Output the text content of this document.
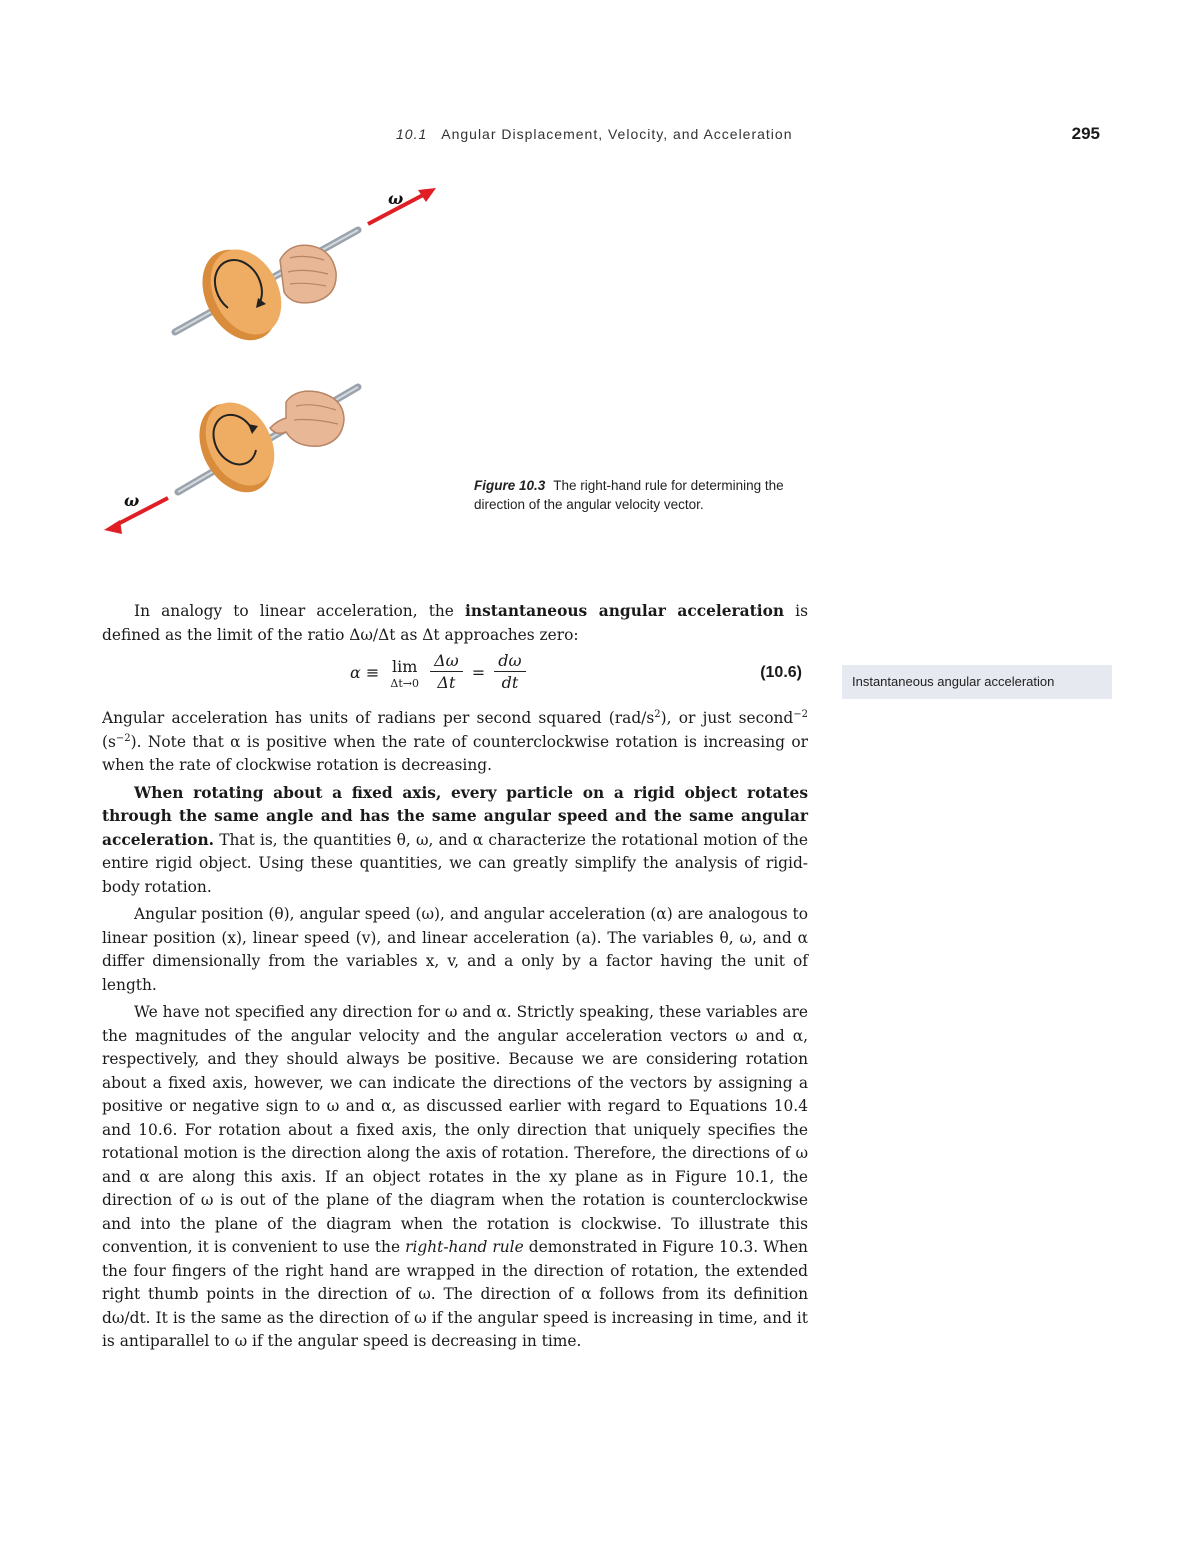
10.1 Angular Displacement, Velocity, and Acceleration	295
ω
ω
Figure 10.3 The right-hand rule for determining the direction of the angular velocity vector.
Instantaneous angular acceleration

In analogy to linear acceleration, the instantaneous angular acceleration is defined as the limit of the ratio Δω/Δt as Δt approaches zero:

α ≡ lim
Δt→0
$\frac{\Delta\omega}{\Delta t} = \frac{d\omega}{dt}$	(10.6)

Angular acceleration has units of radians per second squared $(rad/s^2)$, or just second$^{-2}$ $(s^{-2})$. Note that α is positive when the rate of counterclockwise rotation is increasing or when the rate of clockwise rotation is decreasing.

When rotating about a fixed axis, every particle on a rigid object rotates through the same angle and has the same angular speed and the same angular acceleration. That is, the quantities θ, ω, and α characterize the rotational motion of the entire rigid object. Using these quantities, we can greatly simplify the analysis of rigid-body rotation.

Angular position (θ), angular speed (ω), and angular acceleration (α) are analogous to linear position (x), linear speed (v), and linear acceleration (a). The variables θ, ω, and α differ dimensionally from the variables x, v, and a only by a factor having the unit of length.

We have not specified any direction for ω and α. Strictly speaking, these variables are the magnitudes of the angular velocity and the angular acceleration vectors ω and α, respectively, and they should always be positive. Because we are considering rotation about a fixed axis, however, we can indicate the directions of the vectors by assigning a positive or negative sign to ω and α, as discussed earlier with regard to Equations 10.4 and 10.6. For rotation about a fixed axis, the only direction that uniquely specifies the rotational motion is the direction along the axis of rotation. Therefore, the directions of ω and α are along this axis. If an object rotates in the xy plane as in Figure 10.1, the direction of ω is out of the plane of the diagram when the rotation is counterclockwise and into the plane of the diagram when the rotation is clockwise. To illustrate this convention, it is convenient to use the right-hand rule demonstrated in Figure 10.3. When the four fingers of the right hand are wrapped in the direction of rotation, the extended right thumb points in the direction of ω. The direction of α follows from its definition dω/dt. It is the same as the direction of ω if the angular speed is increasing in time, and it is antiparallel to ω if the angular speed is decreasing in time.
